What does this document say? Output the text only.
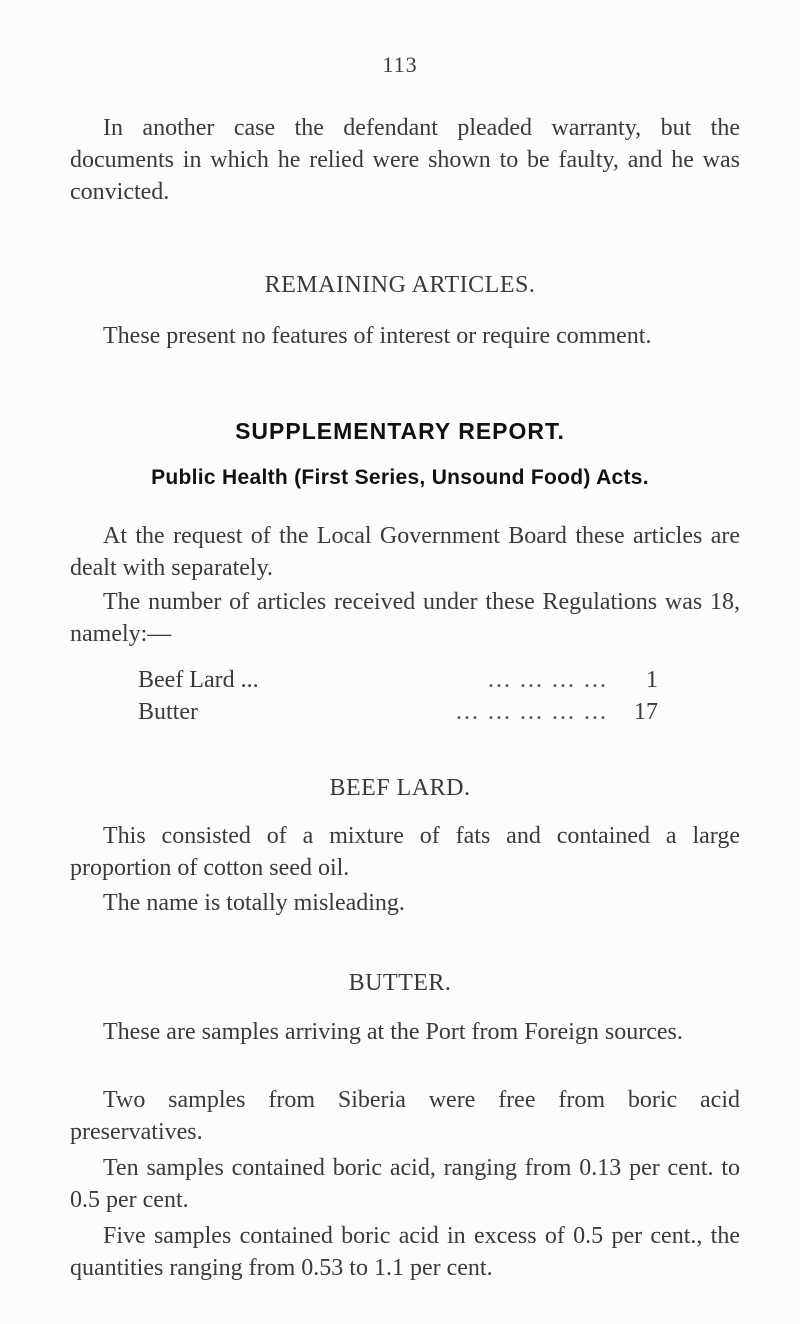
113

In another case the defendant pleaded warranty, but the documents in which he relied were shown to be faulty, and he was convicted.

REMAINING ARTICLES.

These present no features of interest or require comment.

SUPPLEMENTARY REPORT.
Public Health (First Series, Unsound Food) Acts.

At the request of the Local Government Board these articles are dealt with separately.

The number of articles received under these Regulations was 18, namely:—

Beef Lard ...	... ... ... ...	1
Butter	... ... ... ... ...	17
BEEF LARD.

This consisted of a mixture of fats and contained a large proportion of cotton seed oil.

The name is totally misleading.

BUTTER.

These are samples arriving at the Port from Foreign sources.

Two samples from Siberia were free from boric acid preservatives.

Ten samples contained boric acid, ranging from 0.13 per cent. to 0.5 per cent.

Five samples contained boric acid in excess of 0.5 per cent., the quantities ranging from 0.53 to 1.1 per cent.
